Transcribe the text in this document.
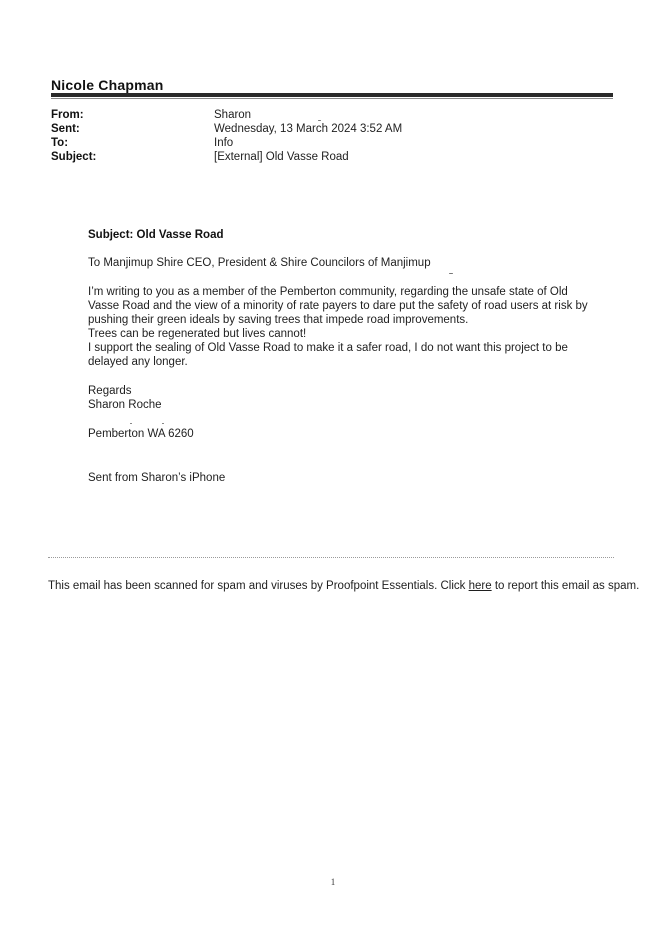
Nicole Chapman
From:	Sharon
Sent:	Wednesday, 13 March 2024 3:52 AM
To:	Info
Subject:	[External] Old Vasse Road
Subject: Old Vasse Road
To Manjimup Shire CEO, President & Shire Councilors of Manjimup
I’m writing to you as a member of the Pemberton community, regarding the unsafe state of Old
Vasse Road and the view of a minority of rate payers to dare put the safety of road users at risk by
pushing their green ideals by saving trees that impede road improvements.
Trees can be regenerated but lives cannot!
I support the sealing of Old Vasse Road to make it a safer road, I do not want this project to be
delayed any longer.
Regards
Sharon Roche
Pemberton WA 6260
Sent from Sharon’s iPhone
This email has been scanned for spam and viruses by Proofpoint Essentials. Click here to report this email as spam.
1
